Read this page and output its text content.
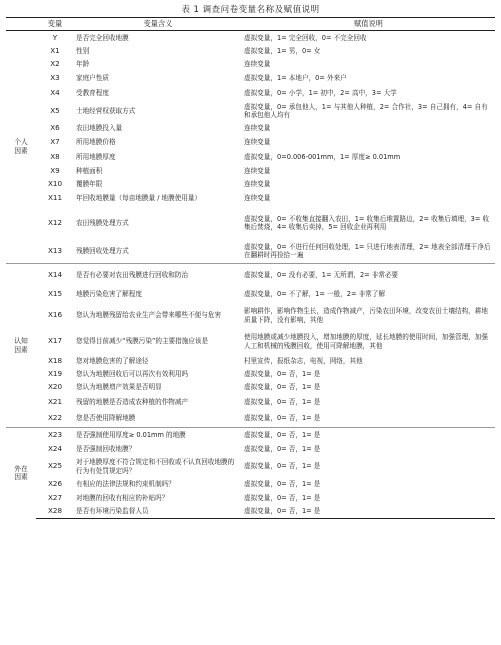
表 1 调查问卷变量名称及赋值说明
	变量	变量含义	赋值说明
个人
因素	Y	是否完全回收地膜	虚拟变量，1= 完全回收，0= 不完全回收
	X1	性别	虚拟变量，1= 男，0= 女
	X2	年龄	连续变量
	X3	家庭户性质	虚拟变量，1= 本地户，0= 外来户
	X4	受教育程度	虚拟变量，0= 小学，1= 初中，2= 高中，3= 大学
	X5	土地经营权获取方式	虚拟变量，0= 承包他人，1= 与其他人种植，2= 合作社，3= 自己拥有，4= 自有和承包他人均有
	X6	农田地膜投入量	连续变量
	X7	所用地膜价格	连续变量
	X8	所用地膜厚度	虚拟变量，0=0.006-001mm，1= 厚度≥ 0.01mm
	X9	种植面积	连续变量
	X10	覆膜年限	连续变量
	X11	年回收地膜量（每亩地膜量 / 地膜使用量）	连续变量
	X12	农田残膜处理方式	虚拟变量，0= 不收集直接翻入农田，1= 收集后堆置路边，2= 收集后填埋，3= 收集后焚烧，4= 收集后卖掉，5= 回收企业再利用
	X13	残膜回收处理方式	虚拟变量，0= 不进行任何回收处理，1= 只进行地表清理，2= 地表全部清理干净后在翻耕时再捡拾一遍
认知
因素	X14	是否有必要对农田残膜进行回收和防治	虚拟变量，0= 没有必要，1= 无所谓，2= 非常必要
	X15	地膜污染危害了解程度	虚拟变量，0= 不了解，1= 一般，2= 非常了解
	X16	您认为地膜残留给农业生产会带来哪些不便与危害	影响耕作，影响作物生长，造成作物减产，污染农田环境，改变农田土壤结构，耕地质量下降，没有影响，其他
	X17	您觉得目前减少“残膜污染”的主要措施应该是	使用地膜或减少地膜投入，增加地膜的厚度，延长地膜的使用时间，加强管理，加强人工和机械的残膜回收，使用可降解地膜，其他
	X18	您对地膜危害的了解途径	村里宣传，报纸杂志，电视，网络，其他
	X19	您认为地膜回收后可以再次有效利用吗	虚拟变量，0= 否，1= 是
	X20	您认为地膜增产效果是否明显	虚拟变量，0= 否，1= 是
	X21	残留的地膜是否造成农种植的作物减产	虚拟变量，0= 否，1= 是
	X22	您是否使用降解地膜	虚拟变量，0= 否，1= 是
外在
因素	X23	是否强制使用厚度≥ 0.01mm 的地膜	虚拟变量，0= 否，1= 是
	X24	是否强制回收地膜？	虚拟变量，0= 否，1= 是
	X25	对于地膜厚度不符合规定和不回收或不认真回收地膜的行为有处罚规定吗？	虚拟变量，0= 否，1= 是
	X26	有相应的法律法规和约束机制吗？	虚拟变量，0= 否，1= 是
	X27	对地膜的回收有相应的补贴吗？	虚拟变量，0= 否，1= 是
	X28	是否有环境污染监督人员	虚拟变量，0= 否，1= 是
